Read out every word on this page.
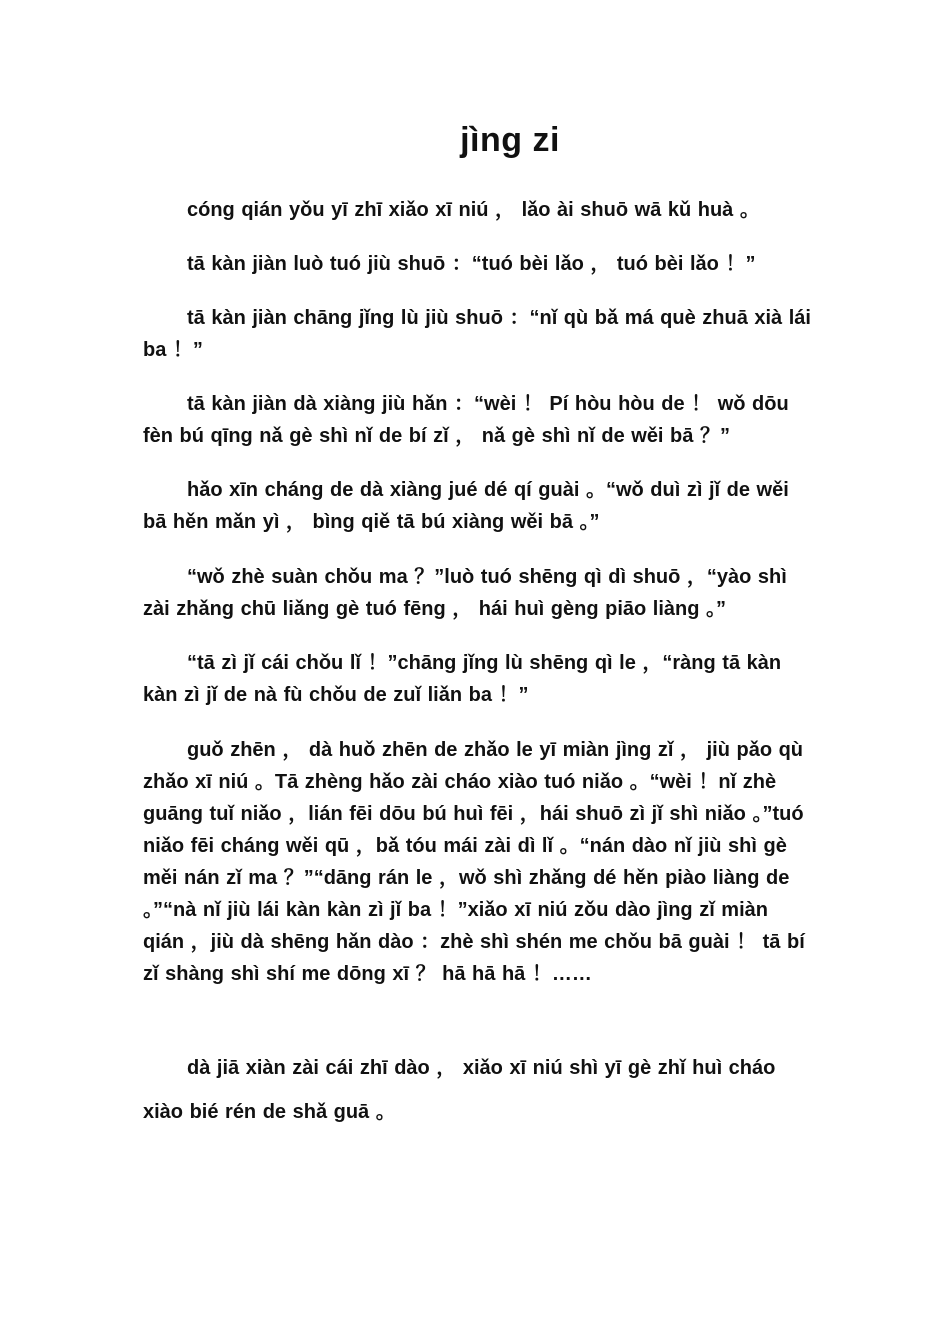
jìng zi

cóng qián yǒu yī zhī xiǎo xī niú ， lǎo ài shuō wā kǔ huà 。

tā kàn jiàn luò tuó jiù shuō ：“tuó bèi lǎo ， tuó bèi lǎo ！”

tā kàn jiàn chāng jǐng lù jiù shuō ：“nǐ qù bǎ má què zhuā xià lái ba ！”

tā kàn jiàn dà xiàng jiù hǎn ：“wèi ！ Pí hòu hòu de ！ wǒ dōu fèn bú qīng nǎ gè shì nǐ de bí zǐ ， nǎ gè shì nǐ de wěi bā ？”

hǎo xīn cháng de dà xiàng jué dé qí guài 。“wǒ duì zì jǐ de wěi bā hěn mǎn yì ， bìng qiě tā bú xiàng wěi bā 。”

“wǒ zhè suàn chǒu ma ？”luò tuó shēng qì dì shuō ，“yào shì zài zhǎng chū liǎng gè tuó fēng ， hái huì gèng piāo liàng 。”

“tā zì jǐ cái chǒu lǐ ！”chāng jǐng lù shēng qì le ，“ràng tā kàn kàn zì jǐ de nà fù chǒu de zuǐ liǎn ba ！”

guǒ zhēn ， dà huǒ zhēn de zhǎo le yī miàn jìng zǐ ， jiù pǎo qù zhǎo xī niú 。Tā zhèng hǎo zài cháo xiào tuó niǎo 。“wèi ！nǐ zhè guāng tuǐ niǎo ，lián fēi dōu bú huì fēi ，hái shuō zì jǐ shì niǎo 。”tuó niǎo fēi cháng wěi qū ，bǎ tóu mái zài dì lǐ 。“nán dào nǐ jiù shì gè měi nán zǐ ma ？”“dāng rán le ，wǒ shì zhǎng dé hěn piào liàng de 。”“nà nǐ jiù lái kàn kàn zì jǐ ba ！”xiǎo xī niú zǒu dào jìng zǐ miàn qián ，jiù dà shēng hǎn dào ：zhè shì shén me chǒu bā guài ！ tā bí zǐ shàng shì shí me dōng xī ？ hā hā hā ！……

dà jiā xiàn zài cái zhī dào ， xiǎo xī niú shì yī gè zhǐ huì cháo xiào bié rén de shǎ guā 。
